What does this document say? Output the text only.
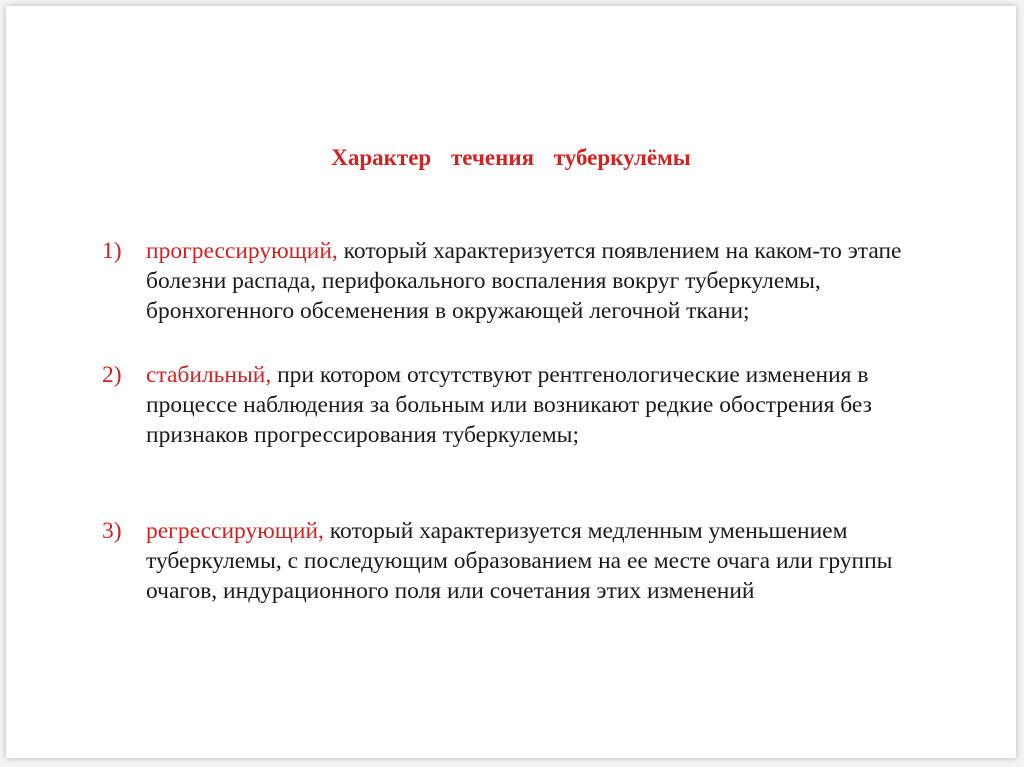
Характер течения туберкулёмы
1) прогрессирующий, который характеризуется появлением на каком-то этапе болезни распада, перифокального воспаления вокруг туберкулемы, бронхогенного обсеменения в окружающей легочной ткани;
2) стабильный, при котором отсутствуют рентгенологические изменения в процессе наблюдения за больным или возникают редкие обострения без признаков прогрессирования туберкулемы;
3) регрессирующий, который характеризуется медленным уменьшением туберкулемы, с последующим образованием на ее месте очага или группы очагов, индурационного поля или сочетания этих изменений
